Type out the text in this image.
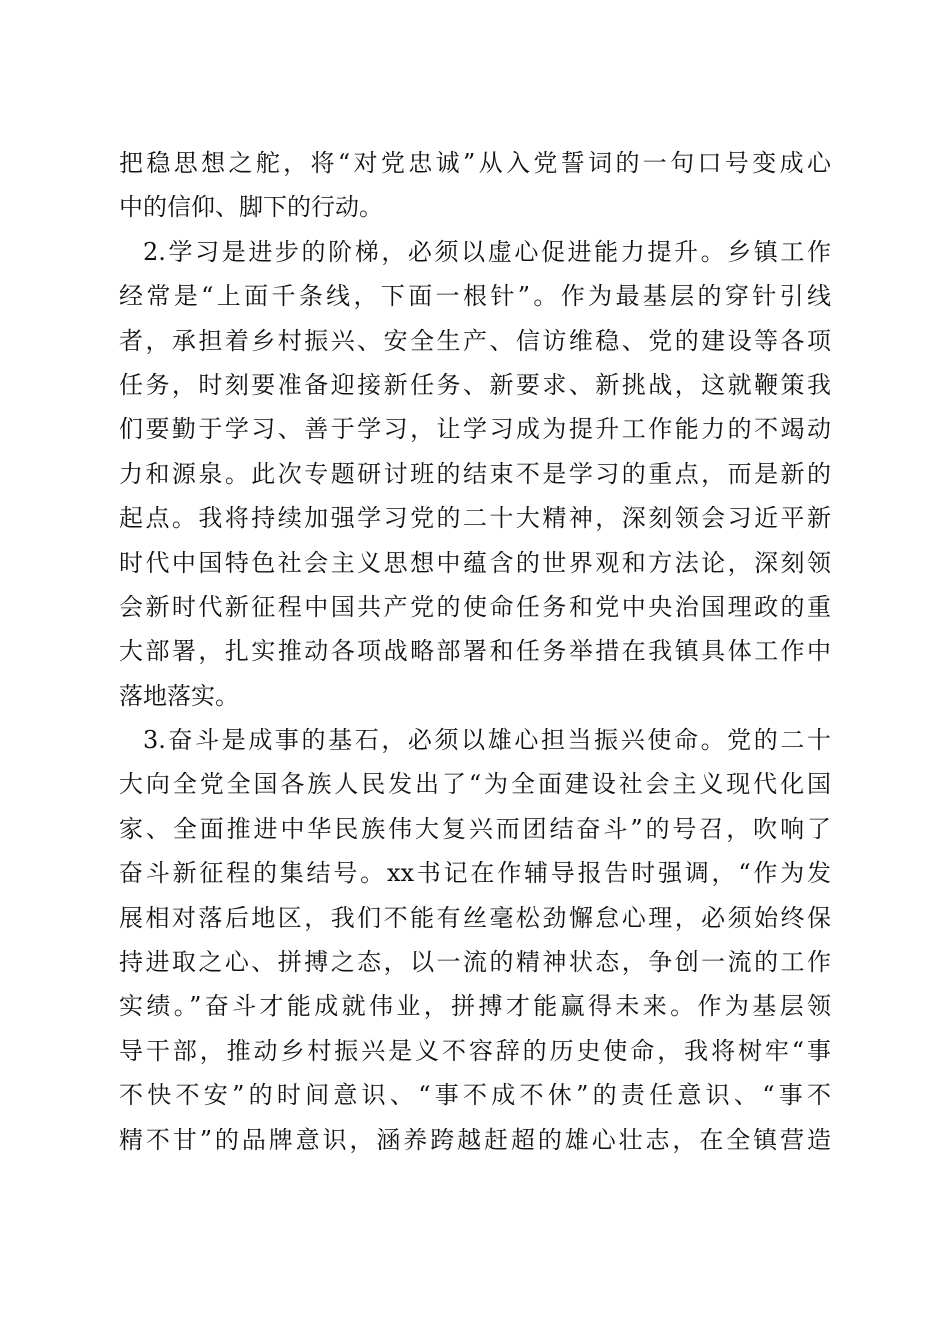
把稳思想之舵，将“对党忠诚”从入党誓词的一句口号变成心
中的信仰、脚下的行动。
2.学习是进步的阶梯，必须以虚心促进能力提升。乡镇工作
经常是“上面千条线，下面一根针”。作为最基层的穿针引线
者，承担着乡村振兴、安全生产、信访维稳、党的建设等各项
任务，时刻要准备迎接新任务、新要求、新挑战，这就鞭策我
们要勤于学习、善于学习，让学习成为提升工作能力的不竭动
力和源泉。此次专题研讨班的结束不是学习的重点，而是新的
起点。我将持续加强学习党的二十大精神，深刻领会习近平新
时代中国特色社会主义思想中蕴含的世界观和方法论，深刻领
会新时代新征程中国共产党的使命任务和党中央治国理政的重
大部署，扎实推动各项战略部署和任务举措在我镇具体工作中
落地落实。
3.奋斗是成事的基石，必须以雄心担当振兴使命。党的二十
大向全党全国各族人民发出了“为全面建设社会主义现代化国
家、全面推进中华民族伟大复兴而团结奋斗”的号召，吹响了
奋斗新征程的集结号。xx书记在作辅导报告时强调，“作为发
展相对落后地区，我们不能有丝毫松劲懈怠心理，必须始终保
持进取之心、拼搏之态，以一流的精神状态，争创一流的工作
实绩。”奋斗才能成就伟业，拼搏才能赢得未来。作为基层领
导干部，推动乡村振兴是义不容辞的历史使命，我将树牢“事
不快不安”的时间意识、“事不成不休”的责任意识、“事不
精不甘”的品牌意识，涵养跨越赶超的雄心壮志，在全镇营造
